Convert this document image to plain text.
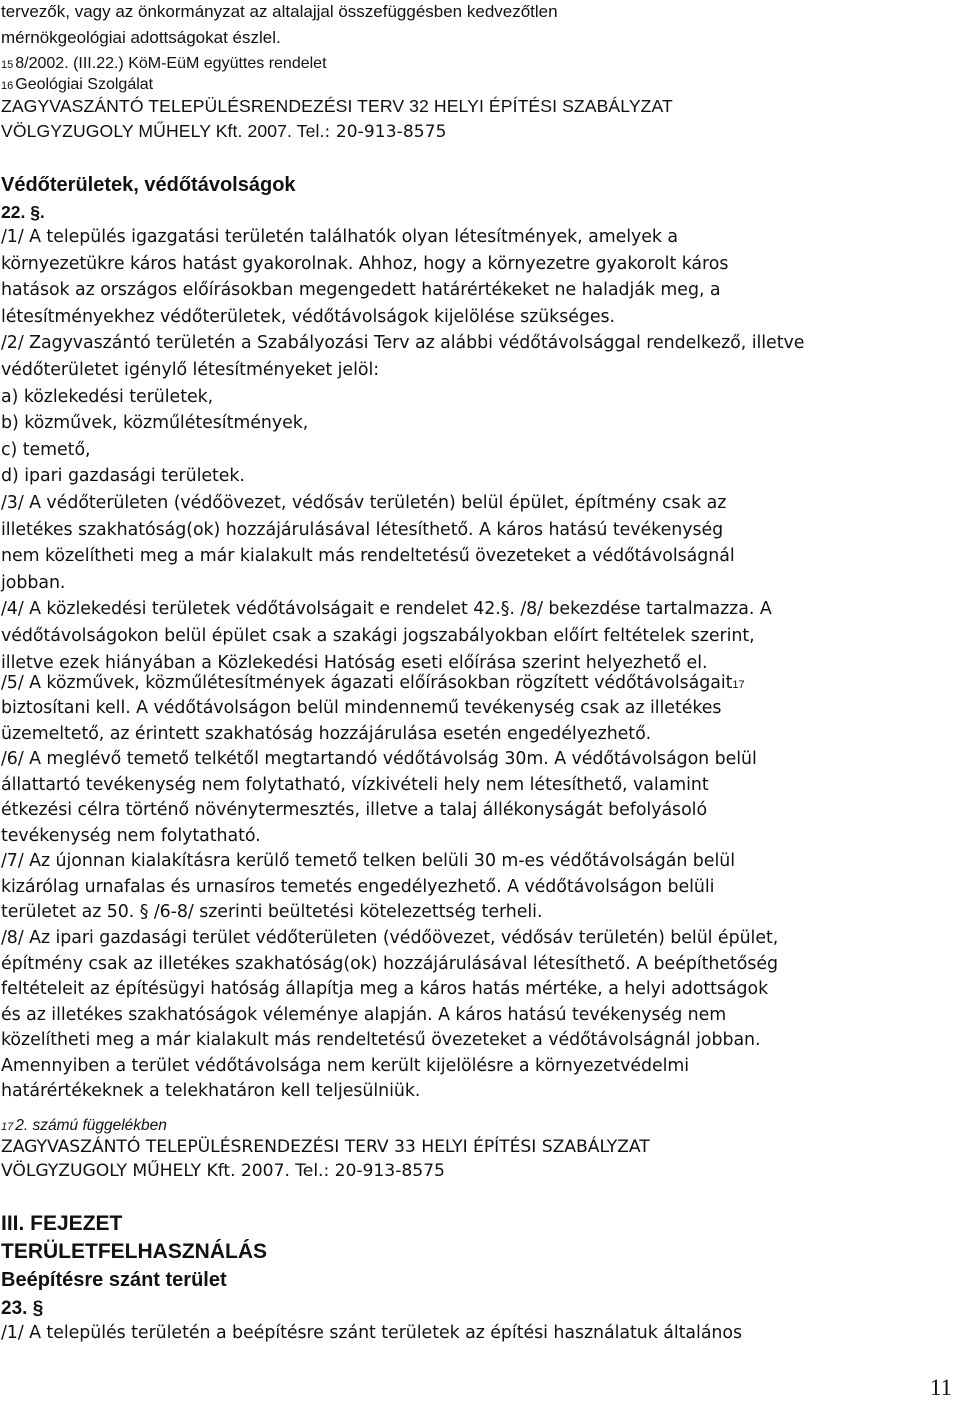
tervezők, vagy az önkormányzat az altalajjal összefüggésben kedvezőtlen
mérnökgeológiai adottságokat észlel.
15 8/2002. (III.22.) KöM-EüM együttes rendelet
16 Geológiai Szolgálat
ZAGYVASZÁNTÓ TELEPÜLÉSRENDEZÉSI TERV 32 HELYI ÉPÍTÉSI SZABÁLYZAT
VÖLGYZUGOLY MŰHELY Kft. 2007. Tel.: 20-913-8575
Védőterületek, védőtávolságok
22. §.
/1/ A település igazgatási területén találhatók olyan létesítmények, amelyek a
környezetükre káros hatást gyakorolnak. Ahhoz, hogy a környezetre gyakorolt káros
hatások az országos előírásokban megengedett határértékeket ne haladják meg, a
létesítményekhez védőterületek, védőtávolságok kijelölése szükséges.
/2/ Zagyvaszántó területén a Szabályozási Terv az alábbi védőtávolsággal rendelkező, illetve
védőterületet igénylő létesítményeket jelöl:
a) közlekedési területek,
b) közművek, közműlétesítmények,
c) temető,
d) ipari gazdasági területek.
/3/ A védőterületen (védőövezet, védősáv területén) belül épület, építmény csak az
illetékes szakhatóság(ok) hozzájárulásával létesíthető. A káros hatású tevékenység
nem közelítheti meg a már kialakult más rendeltetésű övezeteket a védőtávolságnál
jobban.
/4/ A közlekedési területek védőtávolságait e rendelet 42.§. /8/ bekezdése tartalmazza. A
védőtávolságokon belül épület csak a szakági jogszabályokban előírt feltételek szerint,
illetve ezek hiányában a Közlekedési Hatóság eseti előírása szerint helyezhető el.
/5/ A közművek, közműlétesítmények ágazati előírásokban rögzített védőtávolságait17
biztosítani kell. A védőtávolságon belül mindennemű tevékenység csak az illetékes
üzemeltető, az érintett szakhatóság hozzájárulása esetén engedélyezhető.
/6/ A meglévő temető telkétől megtartandó védőtávolság 30m. A védőtávolságon belül
állattartó tevékenység nem folytatható, vízkivételi hely nem létesíthető, valamint
étkezési célra történő növénytermesztés, illetve a talaj állékonyságát befolyásoló
tevékenység nem folytatható.
/7/ Az újonnan kialakításra kerülő temető telken belüli 30 m-es védőtávolságán belül
kizárólag urnafalas és urnasíros temetés engedélyezhető. A védőtávolságon belüli
területet az 50. § /6-8/ szerinti beültetési kötelezettség terheli.
/8/ Az ipari gazdasági terület védőterületen (védőövezet, védősáv területén) belül épület,
építmény csak az illetékes szakhatóság(ok) hozzájárulásával létesíthető. A beépíthetőség
feltételeit az építésügyi hatóság állapítja meg a káros hatás mértéke, a helyi adottságok
és az illetékes szakhatóságok véleménye alapján. A káros hatású tevékenység nem
közelítheti meg a már kialakult más rendeltetésű övezeteket a védőtávolságnál jobban.
Amennyiben a terület védőtávolsága nem került kijelölésre a környezetvédelmi
határértékeknek a telekhatáron kell teljesülniük.
17 2. számú függelékben
ZAGYVASZÁNTÓ TELEPÜLÉSRENDEZÉSI TERV 33 HELYI ÉPÍTÉSI SZABÁLYZAT
VÖLGYZUGOLY MŰHELY Kft. 2007. Tel.: 20-913-8575
III. FEJEZET
TERÜLETFELHASZNÁLÁS
Beépítésre szánt terület
23. §
/1/ A település területén a beépítésre szánt területek az építési használatuk általános
11
